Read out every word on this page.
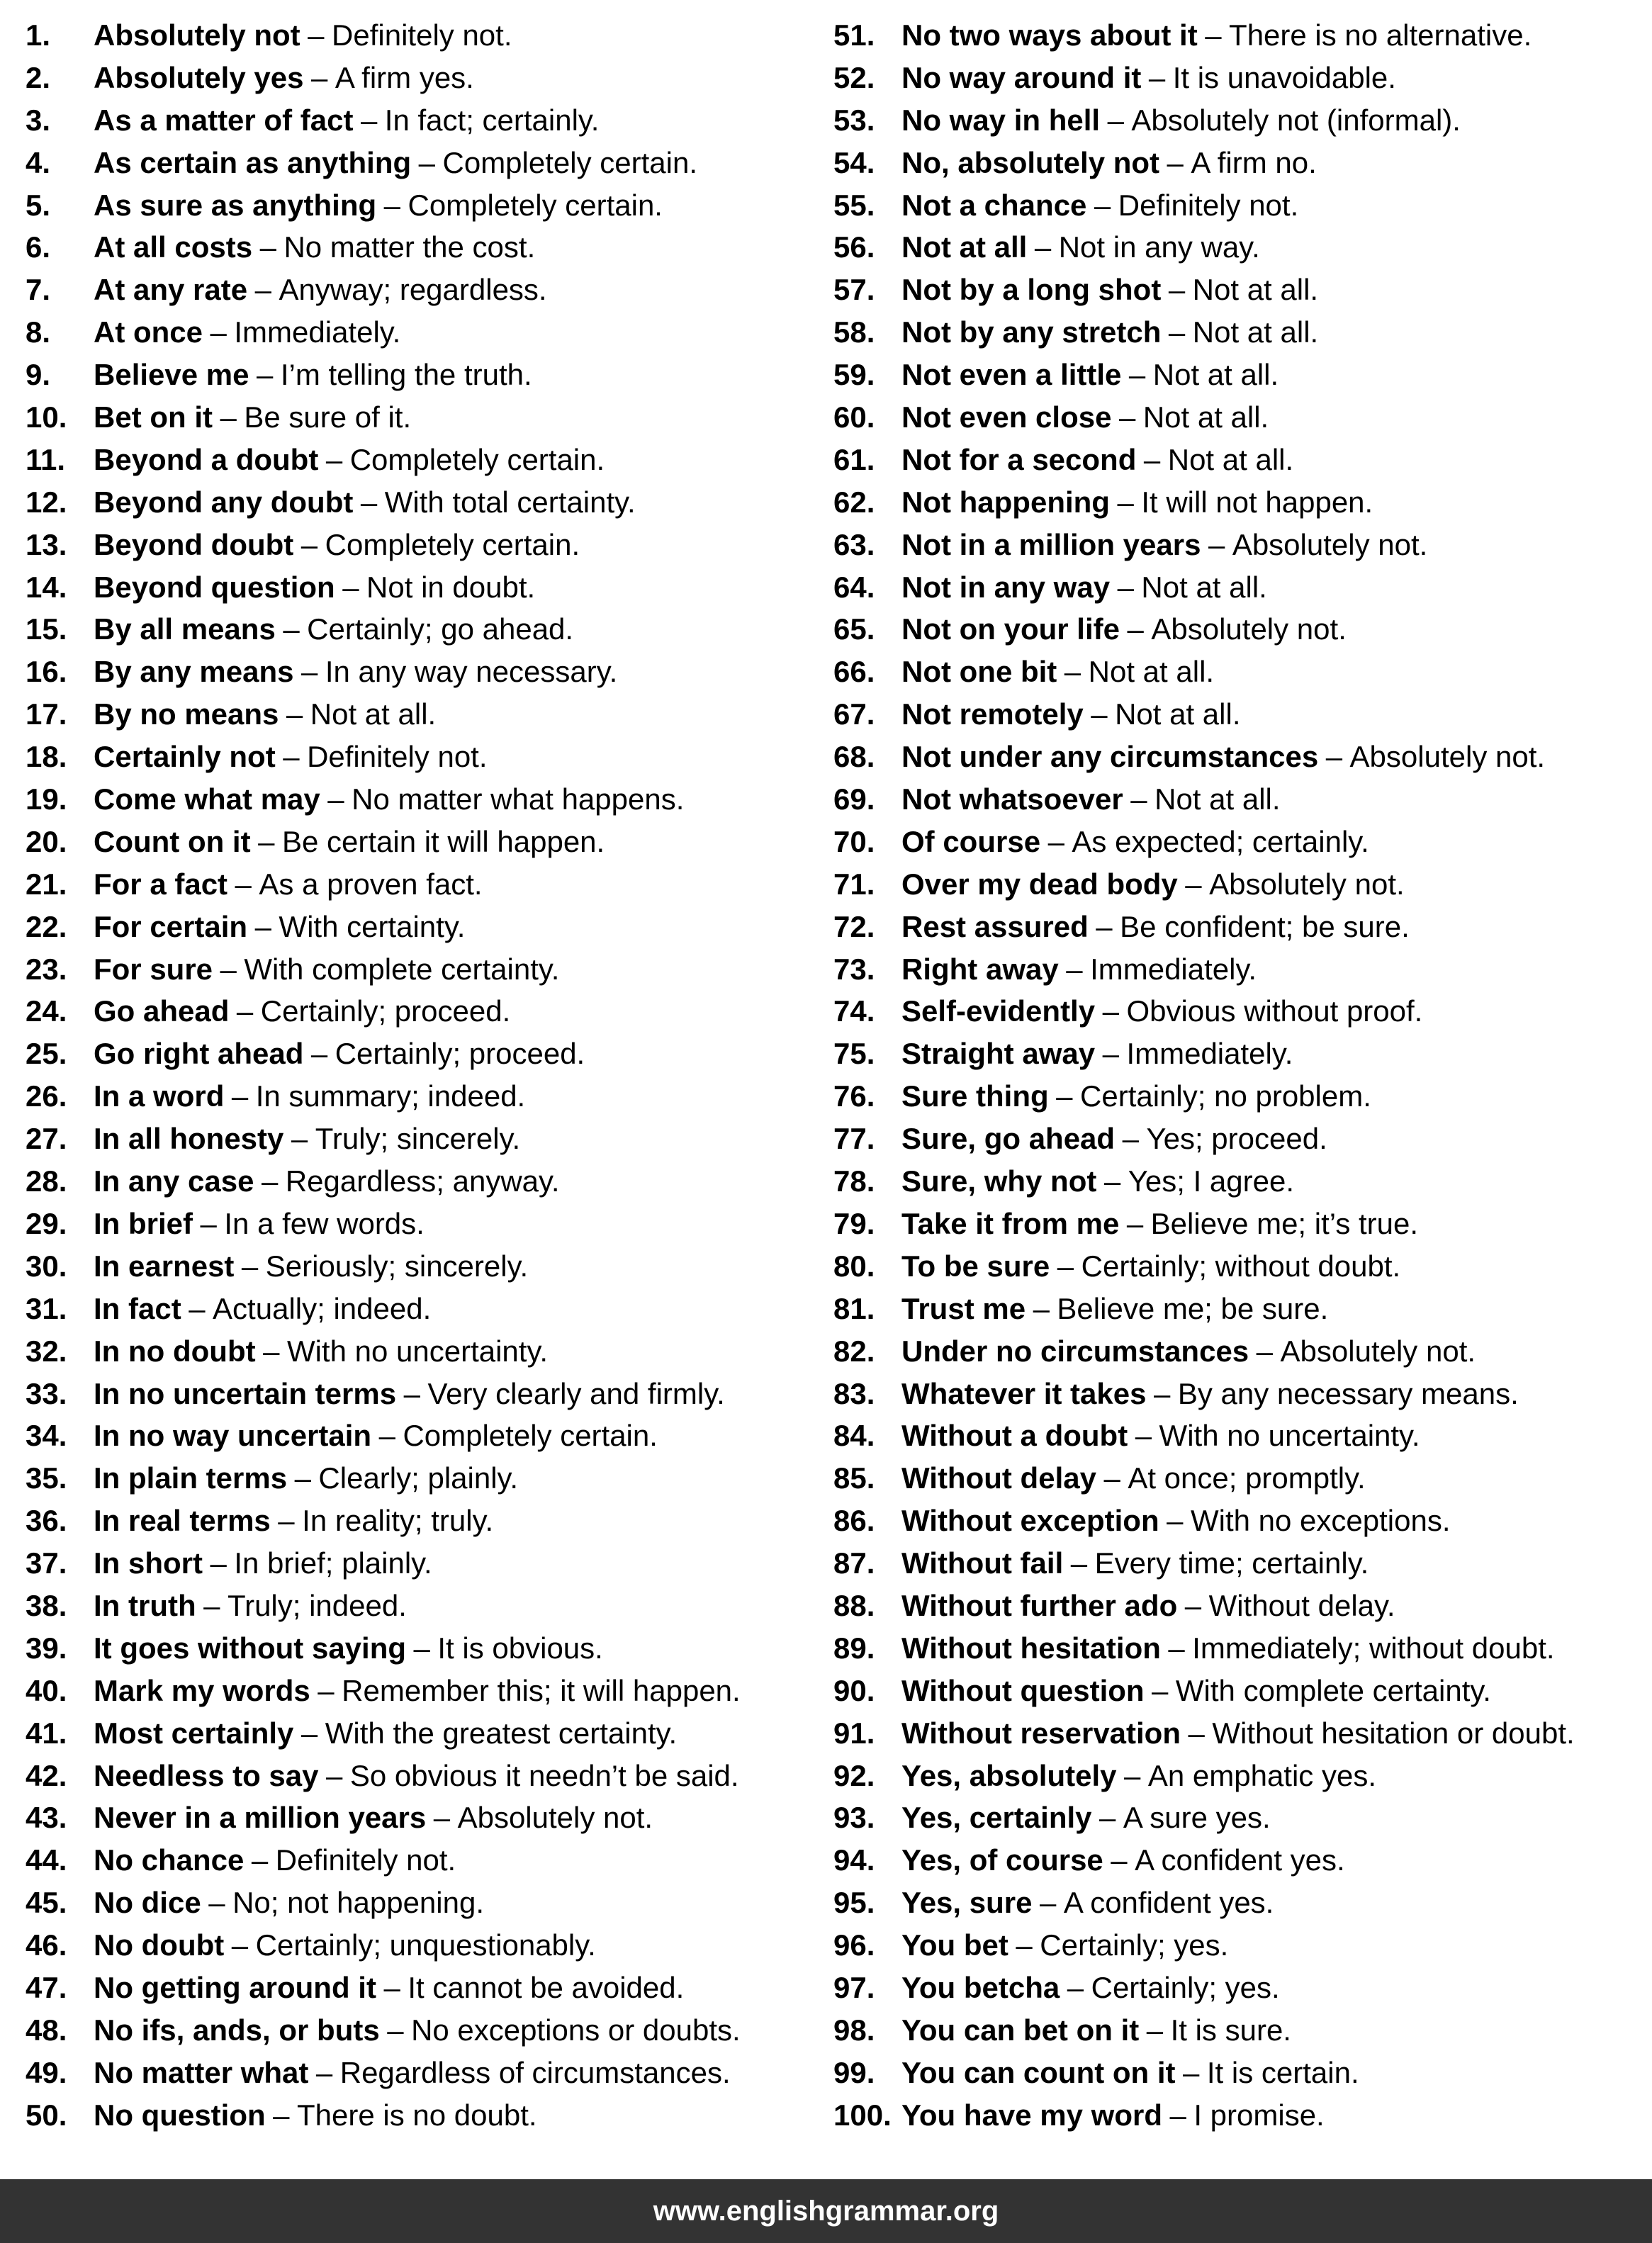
1.	Absolutely not – Definitely not.
2.	Absolutely yes – A firm yes.
3.	As a matter of fact – In fact; certainly.
4.	As certain as anything – Completely certain.
5.	As sure as anything – Completely certain.
6.	At all costs – No matter the cost.
7.	At any rate – Anyway; regardless.
8.	At once – Immediately.
9.	Believe me – I’m telling the truth.
10. Bet on it – Be sure of it.
11. Beyond a doubt – Completely certain.
12. Beyond any doubt – With total certainty.
13. Beyond doubt – Completely certain.
14. Beyond question – Not in doubt.
15. By all means – Certainly; go ahead.
16. By any means – In any way necessary.
17. By no means – Not at all.
18. Certainly not – Definitely not.
19. Come what may – No matter what happens.
20. Count on it – Be certain it will happen.
21. For a fact – As a proven fact.
22. For certain – With certainty.
23. For sure – With complete certainty.
24. Go ahead – Certainly; proceed.
25. Go right ahead – Certainly; proceed.
26. In a word – In summary; indeed.
27. In all honesty – Truly; sincerely.
28. In any case – Regardless; anyway.
29. In brief – In a few words.
30. In earnest – Seriously; sincerely.
31. In fact – Actually; indeed.
32. In no doubt – With no uncertainty.
33. In no uncertain terms – Very clearly and firmly.
34. In no way uncertain – Completely certain.
35. In plain terms – Clearly; plainly.
36. In real terms – In reality; truly.
37. In short – In brief; plainly.
38. In truth – Truly; indeed.
39. It goes without saying – It is obvious.
40. Mark my words – Remember this; it will happen.
41. Most certainly – With the greatest certainty.
42. Needless to say – So obvious it needn’t be said.
43. Never in a million years – Absolutely not.
44. No chance – Definitely not.
45. No dice – No; not happening.
46. No doubt – Certainly; unquestionably.
47. No getting around it – It cannot be avoided.
48. No ifs, ands, or buts – No exceptions or doubts.
49. No matter what – Regardless of circumstances.
50. No question – There is no doubt.
51. No two ways about it – There is no alternative.
52. No way around it – It is unavoidable.
53. No way in hell – Absolutely not (informal).
54. No, absolutely not – A firm no.
55. Not a chance – Definitely not.
56. Not at all – Not in any way.
57. Not by a long shot – Not at all.
58. Not by any stretch – Not at all.
59. Not even a little – Not at all.
60. Not even close – Not at all.
61. Not for a second – Not at all.
62. Not happening – It will not happen.
63. Not in a million years – Absolutely not.
64. Not in any way – Not at all.
65. Not on your life – Absolutely not.
66. Not one bit – Not at all.
67. Not remotely – Not at all.
68. Not under any circumstances – Absolutely not.
69. Not whatsoever – Not at all.
70. Of course – As expected; certainly.
71. Over my dead body – Absolutely not.
72. Rest assured – Be confident; be sure.
73. Right away – Immediately.
74. Self-evidently – Obvious without proof.
75. Straight away – Immediately.
76. Sure thing – Certainly; no problem.
77. Sure, go ahead – Yes; proceed.
78. Sure, why not – Yes; I agree.
79. Take it from me – Believe me; it’s true.
80. To be sure – Certainly; without doubt.
81. Trust me – Believe me; be sure.
82. Under no circumstances – Absolutely not.
83. Whatever it takes – By any necessary means.
84. Without a doubt – With no uncertainty.
85. Without delay – At once; promptly.
86. Without exception – With no exceptions.
87. Without fail – Every time; certainly.
88. Without further ado – Without delay.
89. Without hesitation – Immediately; without doubt.
90. Without question – With complete certainty.
91. Without reservation – Without hesitation or doubt.
92. Yes, absolutely – An emphatic yes.
93. Yes, certainly – A sure yes.
94. Yes, of course – A confident yes.
95. Yes, sure – A confident yes.
96. You bet – Certainly; yes.
97. You betcha – Certainly; yes.
98. You can bet on it – It is sure.
99. You can count on it – It is certain.
100. You have my word – I promise.
www.englishgrammar.org
